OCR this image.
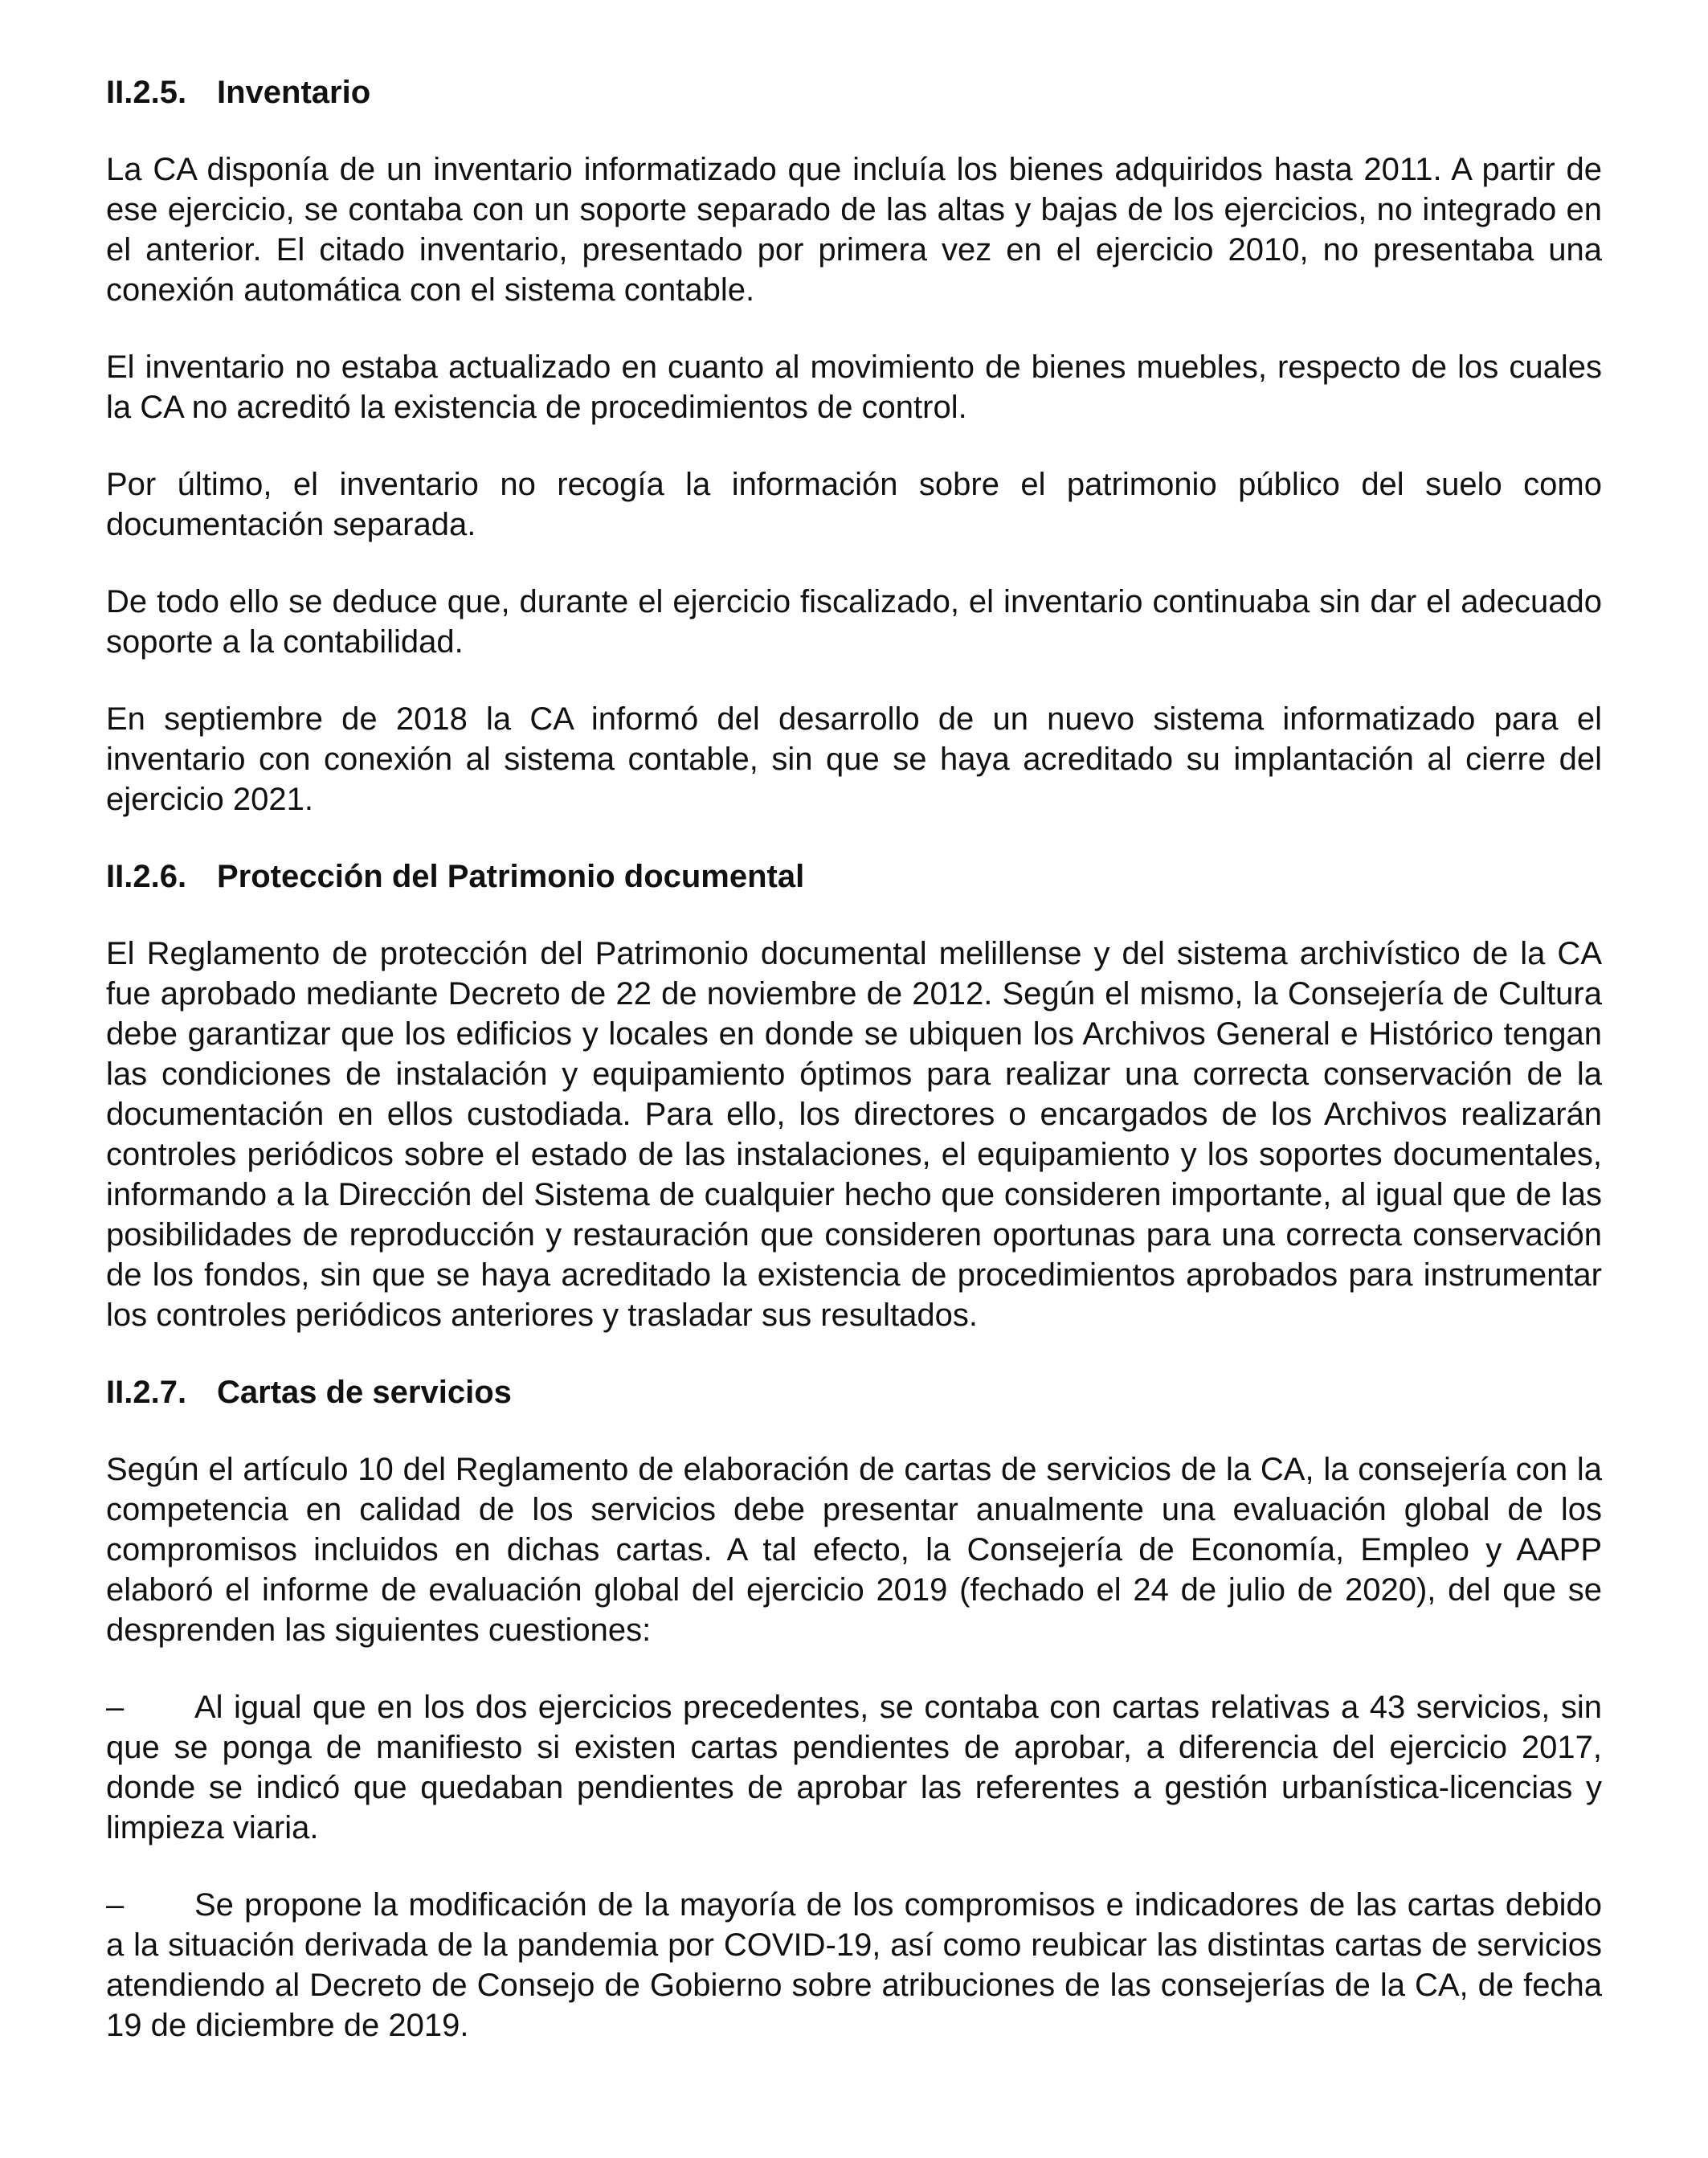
II.2.5. Inventario

La CA disponía de un inventario informatizado que incluía los bienes adquiridos hasta 2011. A partir de ese ejercicio, se contaba con un soporte separado de las altas y bajas de los ejercicios, no integrado en el anterior. El citado inventario, presentado por primera vez en el ejercicio 2010, no presentaba una conexión automática con el sistema contable.

El inventario no estaba actualizado en cuanto al movimiento de bienes muebles, respecto de los cuales la CA no acreditó la existencia de procedimientos de control.

Por último, el inventario no recogía la información sobre el patrimonio público del suelo como documentación separada.

De todo ello se deduce que, durante el ejercicio fiscalizado, el inventario continuaba sin dar el adecuado soporte a la contabilidad.

En septiembre de 2018 la CA informó del desarrollo de un nuevo sistema informatizado para el inventario con conexión al sistema contable, sin que se haya acreditado su implantación al cierre del ejercicio 2021.

II.2.6. Protección del Patrimonio documental

El Reglamento de protección del Patrimonio documental melillense y del sistema archivístico de la CA fue aprobado mediante Decreto de 22 de noviembre de 2012. Según el mismo, la Consejería de Cultura debe garantizar que los edificios y locales en donde se ubiquen los Archivos General e Histórico tengan las condiciones de instalación y equipamiento óptimos para realizar una correcta conservación de la documentación en ellos custodiada. Para ello, los directores o encargados de los Archivos realizarán controles periódicos sobre el estado de las instalaciones, el equipamiento y los soportes documentales, informando a la Dirección del Sistema de cualquier hecho que consideren importante, al igual que de las posibilidades de reproducción y restauración que consideren oportunas para una correcta conservación de los fondos, sin que se haya acreditado la existencia de procedimientos aprobados para instrumentar los controles periódicos anteriores y trasladar sus resultados.

II.2.7. Cartas de servicios

Según el artículo 10 del Reglamento de elaboración de cartas de servicios de la CA, la consejería con la competencia en calidad de los servicios debe presentar anualmente una evaluación global de los compromisos incluidos en dichas cartas. A tal efecto, la Consejería de Economía, Empleo y AAPP elaboró el informe de evaluación global del ejercicio 2019 (fechado el 24 de julio de 2020), del que se desprenden las siguientes cuestiones:

– Al igual que en los dos ejercicios precedentes, se contaba con cartas relativas a 43 servicios, sin que se ponga de manifiesto si existen cartas pendientes de aprobar, a diferencia del ejercicio 2017, donde se indicó que quedaban pendientes de aprobar las referentes a gestión urbanística-licencias y limpieza viaria.

– Se propone la modificación de la mayoría de los compromisos e indicadores de las cartas debido a la situación derivada de la pandemia por COVID-19, así como reubicar las distintas cartas de servicios atendiendo al Decreto de Consejo de Gobierno sobre atribuciones de las consejerías de la CA, de fecha 19 de diciembre de 2019.
